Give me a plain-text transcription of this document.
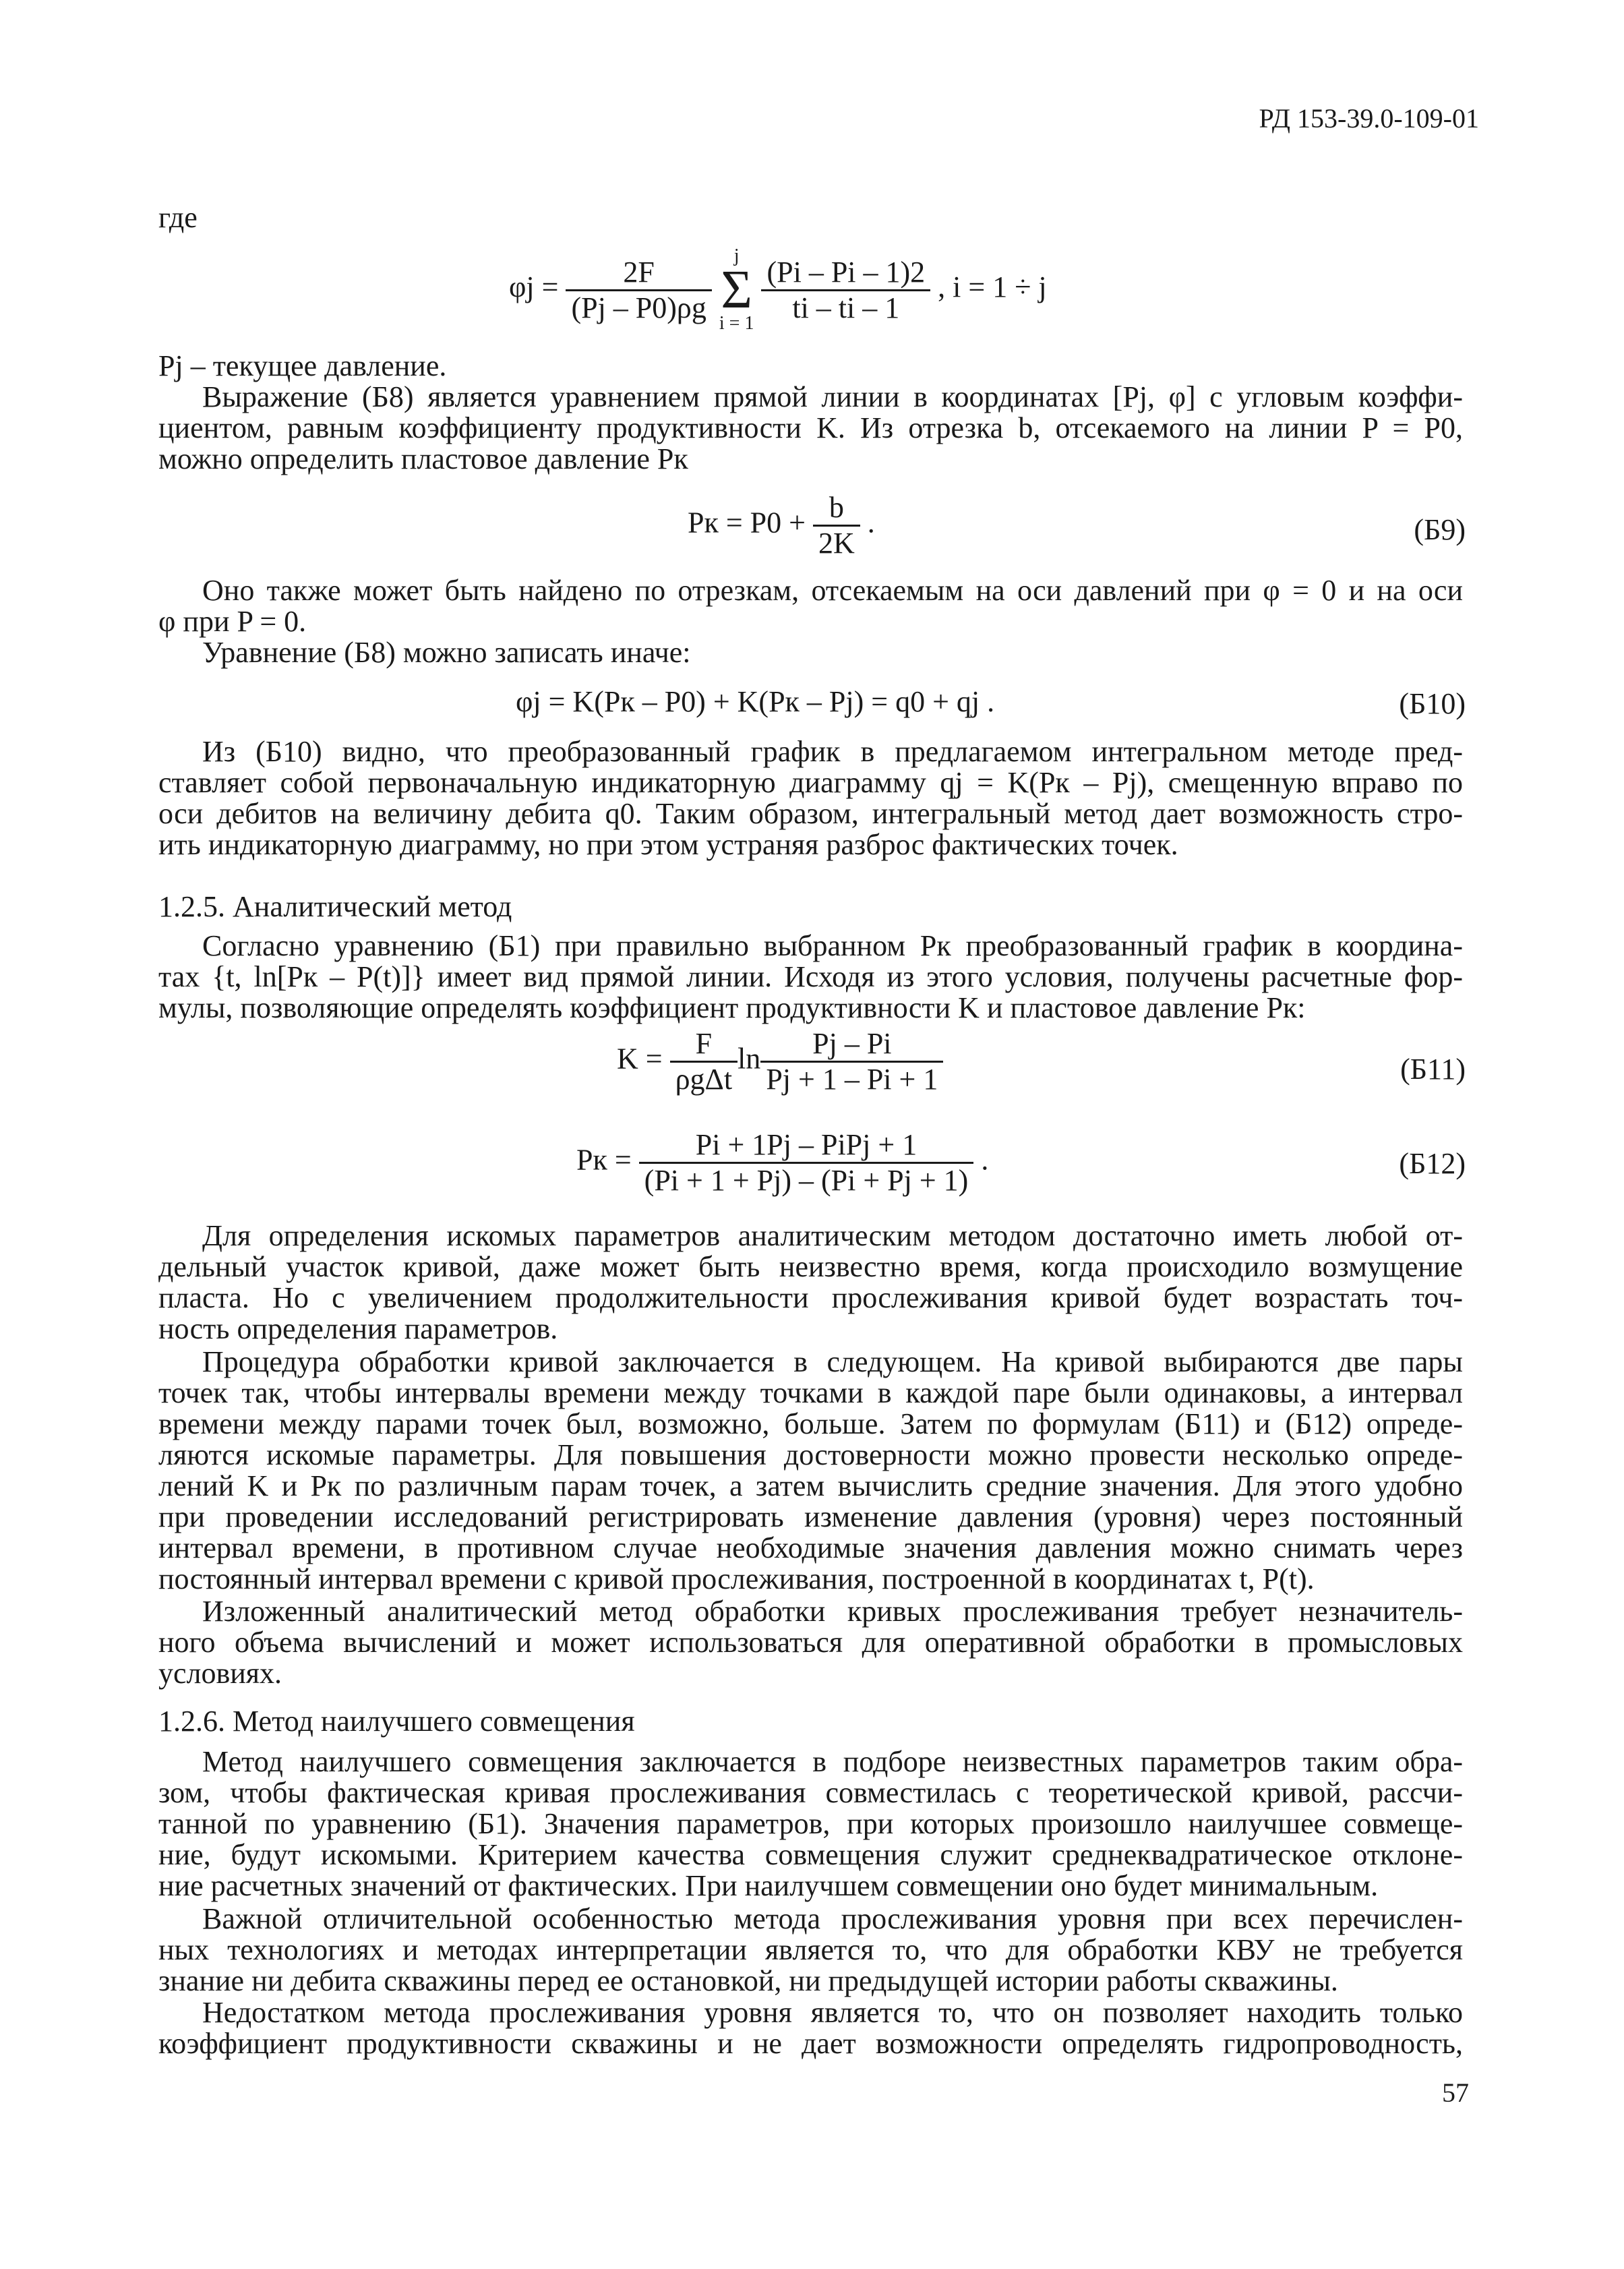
РД 153-39.0-109-01
где
$\varphi j = \frac{2F}{(Pj - P0)\rho g}$

j
Σ
i = 1
$\frac{(Pi - Pi - 1)2}{ti - ti - 1}$ , i = 1 ÷ j
Pj – текущее давление.
Выражение (Б8) является уравнением прямой линии в координатах [Pj, φ] с угловым коэффи-
циентом, равным коэффициенту продуктивности K. Из отрезка b, отсекаемого на линии P = P0,
можно определить пластовое давление Pк
Pк = $P0 + \frac{b}{2K}$ .	(Б9)
Оно также может быть найдено по отрезкам, отсекаемым на оси давлений при φ = 0 и на оси
φ при P = 0.
Уравнение (Б8) можно записать иначе:
φj = K(Pк – P0) + K(Pк – Pj) = q0 + qj .	(Б10)
Из (Б10) видно, что преобразованный график в предлагаемом интегральном методе пред-
ставляет собой первоначальную индикаторную диаграмму qj = K(Pк – Pj), смещенную вправо по
оси дебитов на величину дебита q0. Таким образом, интегральный метод дает возможность стро-
ить индикаторную диаграмму, но при этом устраняя разброс фактических точек.
1.2.5. Аналитический метод
Согласно уравнению (Б1) при правильно выбранном Pк преобразованный график в координа-
тах {t, ln[Pк – P(t)]} имеет вид прямой линии. Исходя из этого условия, получены расчетные фор-
мулы, позволяющие определять коэффициент продуктивности K и пластовое давление Pк:
$K = \frac{F}{\text{ρgΔt}}$ $\ln \frac{Pj - Pi}{Pj + 1 - Pi + 1}$	(Б11)
Pк = $\frac{\text{Pi + 1Pj – PiPj + 1}}{(Pi + 1 + Pj) - (Pi + Pj + 1)}$ .	(Б12)
Для определения искомых параметров аналитическим методом достаточно иметь любой от-
дельный участок кривой, даже может быть неизвестно время, когда происходило возмущение
пласта. Но с увеличением продолжительности прослеживания кривой будет возрастать точ-
ность определения параметров.
Процедура обработки кривой заключается в следующем. На кривой выбираются две пары
точек так, чтобы интервалы времени между точками в каждой паре были одинаковы, а интервал
времени между парами точек был, возможно, больше. Затем по формулам (Б11) и (Б12) опреде-
ляются искомые параметры. Для повышения достоверности можно провести несколько опреде-
лений K и Pк по различным парам точек, а затем вычислить средние значения. Для этого удобно
при проведении исследований регистрировать изменение давления (уровня) через постоянный
интервал времени, в противном случае необходимые значения давления можно снимать через
постоянный интервал времени с кривой прослеживания, построенной в координатах t, P(t).
Изложенный аналитический метод обработки кривых прослеживания требует незначитель-
ного объема вычислений и может использоваться для оперативной обработки в промысловых
условиях.
1.2.6. Метод наилучшего совмещения
Метод наилучшего совмещения заключается в подборе неизвестных параметров таким обра-
зом, чтобы фактическая кривая прослеживания совместилась с теоретической кривой, рассчи-
танной по уравнению (Б1). Значения параметров, при которых произошло наилучшее совмеще-
ние, будут искомыми. Критерием качества совмещения служит среднеквадратическое отклоне-
ние расчетных значений от фактических. При наилучшем совмещении оно будет минимальным.
Важной отличительной особенностью метода прослеживания уровня при всех перечислен-
ных технологиях и методах интерпретации является то, что для обработки КВУ не требуется
знание ни дебита скважины перед ее остановкой, ни предыдущей истории работы скважины.
Недостатком метода прослеживания уровня является то, что он позволяет находить только
коэффициент продуктивности скважины и не дает возможности определять гидропроводность,
57
